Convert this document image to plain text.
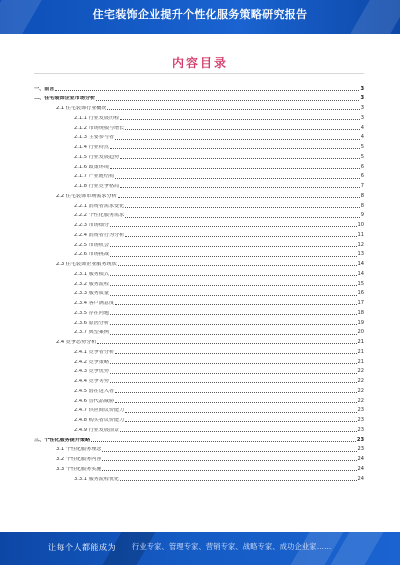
住宅装饰企业提升个性化服务策略研究报告
内容目录
一、前言	3
二、住宅装饰企业市场分析	3
2.1 住宅装饰行业概况	3
2.1.1 行业发展历程	3
2.1.2 市场规模与增长	4
2.1.3 主要参与者	4
2.1.4 行业特点	5
2.1.5 行业发展趋势	5
2.1.6 政策环境	6
2.1.7 产业链结构	6
2.1.8 行业竞争格局	7
2.2 住宅装饰市场需求分析	8
2.2.1 消费者需求变化	8
2.2.2 个性化服务需求	9
2.2.3 市场细分	10
2.2.4 消费者行为分析	11
2.2.5 市场机会	12
2.2.6 市场挑战	13
2.3 住宅装饰企业服务现状	14
2.3.1 服务模式	14
2.3.2 服务流程	15
2.3.3 服务质量	16
2.3.4 客户满意度	17
2.3.5 存在问题	18
2.3.6 原因分析	19
2.3.7 典型案例	20
2.4 竞争态势分析	21
2.4.1 竞争者分析	21
2.4.2 竞争策略	21
2.4.3 竞争优势	22
2.4.4 竞争劣势	22
2.4.5 潜在进入者	22
2.4.6 替代品威胁	22
2.4.7 供应商议价能力	23
2.4.8 购买者议价能力	23
2.4.9 行业发展前景	23
三、个性化服务提升策略	23
3.1 个性化服务理念	23
3.2 个性化服务内容	24
3.3 个性化服务实施	24
3.3.1 服务流程优化	24
让每个人都能成为 行业专家、管理专家、营销专家、战略专家、成功企业家……
